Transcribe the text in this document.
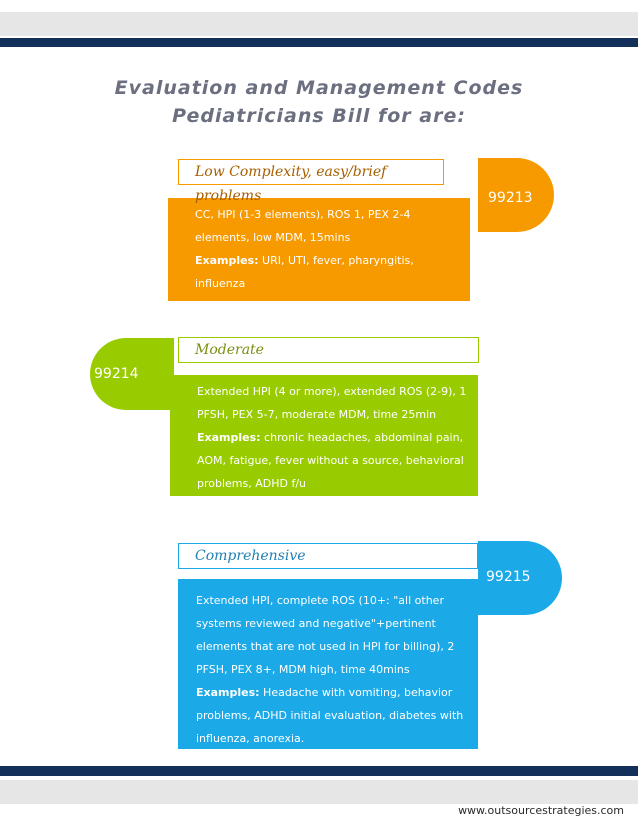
Evaluation and Management Codes
Pediatricians Bill for are:
99213
CC, HPI (1-3 elements), ROS 1, PEX 2-4 elements, low MDM, 15mins
Examples: URI, UTI, fever, pharyngitis, influenza
Low Complexity, easy/brief problems
99214
Extended HPI (4 or more), extended ROS (2-9), 1 PFSH, PEX 5-7, moderate MDM, time 25min
Examples: chronic headaches, abdominal pain, AOM, fatigue, fever without a source, behavioral problems, ADHD f/u
Moderate
99215
Extended HPI, complete ROS (10+: "all other systems reviewed and negative"+pertinent elements that are not used in HPI for billing), 2 PFSH, PEX 8+, MDM high, time 40mins
Examples: Headache with vomiting, behavior problems, ADHD initial evaluation, diabetes with influenza, anorexia.
Comprehensive
www.outsourcestrategies.com
